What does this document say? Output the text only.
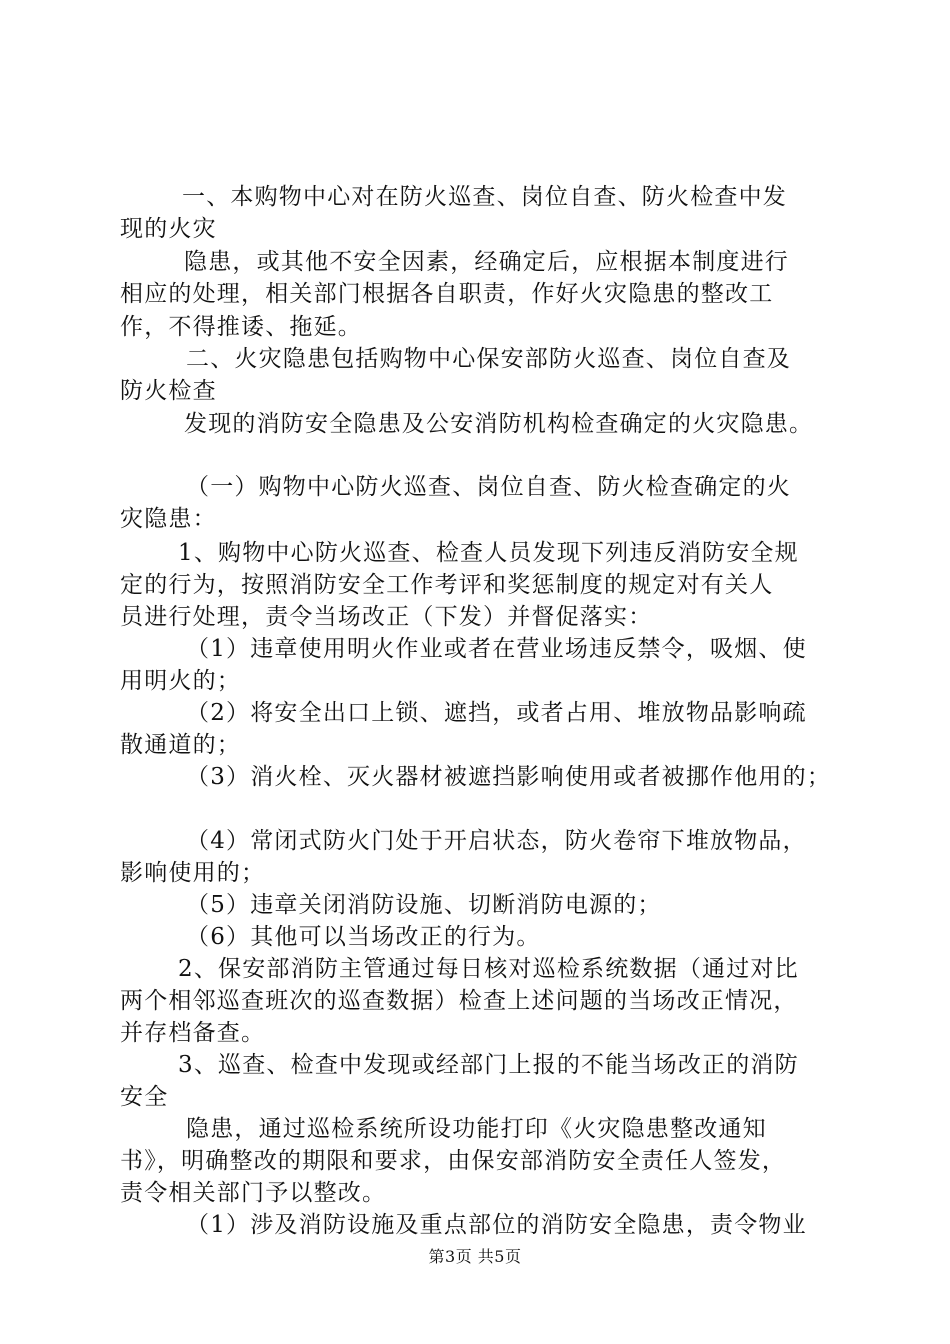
一、本购物中心对在防火巡查、岗位自查、防火检查中发
现的火灾
隐患，或其他不安全因素，经确定后，应根据本制度进行
相应的处理，相关部门根据各自职责，作好火灾隐患的整改工
作，不得推诿、拖延。
二、火灾隐患包括购物中心保安部防火巡查、岗位自查及
防火检查
发现的消防安全隐患及公安消防机构检查确定的火灾隐患。
（一）购物中心防火巡查、岗位自查、防火检查确定的火
灾隐患：
1、购物中心防火巡查、检查人员发现下列违反消防安全规
定的行为，按照消防安全工作考评和奖惩制度的规定对有关人
员进行处理，责令当场改正（下发）并督促落实：
（1）违章使用明火作业或者在营业场违反禁令，吸烟、使
用明火的；
（2）将安全出口上锁、遮挡，或者占用、堆放物品影响疏
散通道的；
（3）消火栓、灭火器材被遮挡影响使用或者被挪作他用的；
（4）常闭式防火门处于开启状态，防火卷帘下堆放物品，
影响使用的；
（5）违章关闭消防设施、切断消防电源的；
（6）其他可以当场改正的行为。
2、保安部消防主管通过每日核对巡检系统数据（通过对比
两个相邻巡查班次的巡查数据）检查上述问题的当场改正情况，
并存档备查。
3、巡查、检查中发现或经部门上报的不能当场改正的消防
安全
隐患，通过巡检系统所设功能打印《火灾隐患整改通知
书》，明确整改的期限和要求，由保安部消防安全责任人签发，
责令相关部门予以整改。
（1）涉及消防设施及重点部位的消防安全隐患，责令物业
第3页 共5页
